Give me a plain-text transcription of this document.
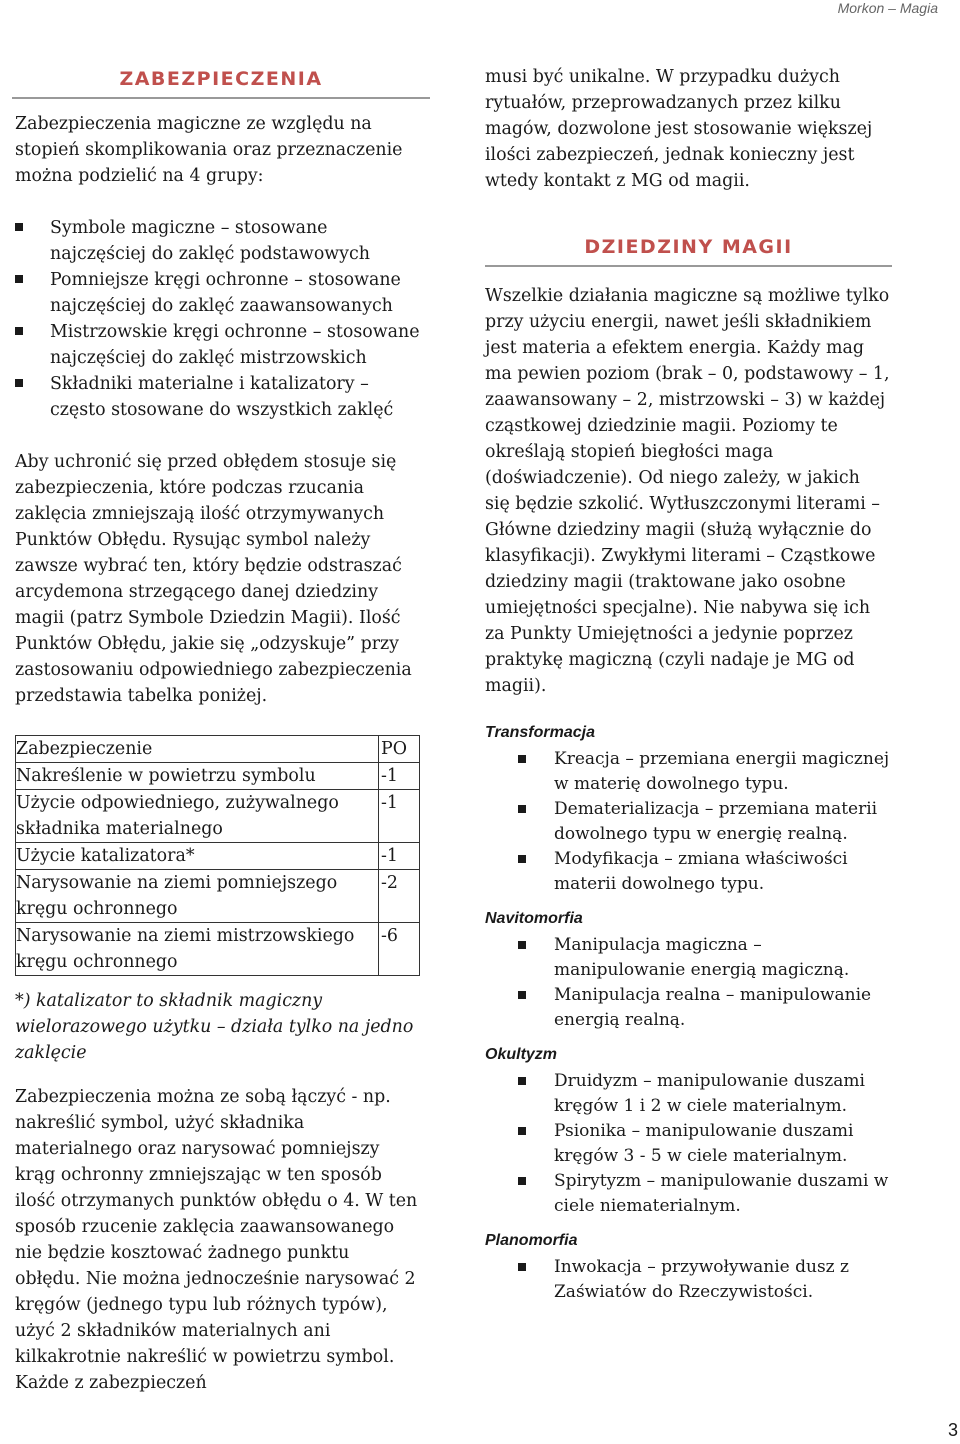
Morkon – Magia
ZABEZPIECZENIA

Zabezpieczenia magiczne ze względu na stopień skomplikowania oraz przeznaczenie można podzielić na 4 grupy:

Symbole magiczne – stosowane najczęściej do zaklęć podstawowych
Pomniejsze kręgi ochronne – stosowane najczęściej do zaklęć zaawansowanych
Mistrzowskie kręgi ochronne – stosowane najczęściej do zaklęć mistrzowskich
Składniki materialne i katalizatory – często stosowane do wszystkich zaklęć

Aby uchronić się przed obłędem stosuje się zabezpieczenia, które podczas rzucania zaklęcia zmniejszają ilość otrzymywanych Punktów Obłędu. Rysując symbol należy zawsze wybrać ten, który będzie odstraszać arcydemona strzegącego danej dziedziny magii (patrz Symbole Dziedzin Magii). Ilość Punktów Obłędu, jakie się „odzyskuje” przy zastosowaniu odpowiedniego zabezpieczenia przedstawia tabelka poniżej.

Zabezpieczenie	PO
Nakreślenie w powietrzu symbolu	-1
Użycie odpowiedniego, zużywalnego składnika materialnego	-1
Użycie katalizatora*	-1
Narysowanie na ziemi pomniejszego kręgu ochronnego	-2
Narysowanie na ziemi mistrzowskiego kręgu ochronnego	-6

*) katalizator to składnik magiczny wielorazowego użytku – działa tylko na jedno zaklęcie

Zabezpieczenia można ze sobą łączyć - np. nakreślić symbol, użyć składnika materialnego oraz narysować pomniejszy krąg ochronny zmniejszając w ten sposób ilość otrzymanych punktów obłędu o 4. W ten sposób rzucenie zaklęcia zaawansowanego nie będzie kosztować żadnego punktu obłędu. Nie można jednocześnie narysować 2 kręgów (jednego typu lub różnych typów), użyć 2 składników materialnych ani kilkakrotnie nakreślić w powietrzu symbol. Każde z zabezpieczeń

musi być unikalne. W przypadku dużych rytuałów, przeprowadzanych przez kilku magów, dozwolone jest stosowanie większej ilości zabezpieczeń, jednak konieczny jest wtedy kontakt z MG od magii.

DZIEDZINY MAGII

Wszelkie działania magiczne są możliwe tylko przy użyciu energii, nawet jeśli składnikiem jest materia a efektem energia. Każdy mag ma pewien poziom (brak – 0, podstawowy – 1, zaawansowany – 2, mistrzowski – 3) w każdej cząstkowej dziedzinie magii. Poziomy te określają stopień biegłości maga (doświadczenie). Od niego zależy, w jakich się będzie szkolić. Wytłuszczonymi literami – Główne dziedziny magii (służą wyłącznie do klasyfikacji). Zwykłymi literami – Cząstkowe dziedziny magii (traktowane jako osobne umiejętności specjalne). Nie nabywa się ich za Punkty Umiejętności a jedynie poprzez praktykę magiczną (czyli nadaje je MG od magii).

Transformacja

Kreacja – przemiana energii magicznej w materię dowolnego typu.
Dematerializacja – przemiana materii dowolnego typu w energię realną.
Modyfikacja – zmiana właściwości materii dowolnego typu.

Navitomorfia

Manipulacja magiczna – manipulowanie energią magiczną.
Manipulacja realna – manipulowanie energią realną.

Okultyzm

Druidyzm – manipulowanie duszami kręgów 1 i 2 w ciele materialnym.
Psionika – manipulowanie duszami kręgów 3 - 5 w ciele materialnym.
Spirytyzm – manipulowanie duszami w ciele niematerialnym.

Planomorfia

Inwokacja – przywoływanie dusz z Zaświatów do Rzeczywistości.
3
